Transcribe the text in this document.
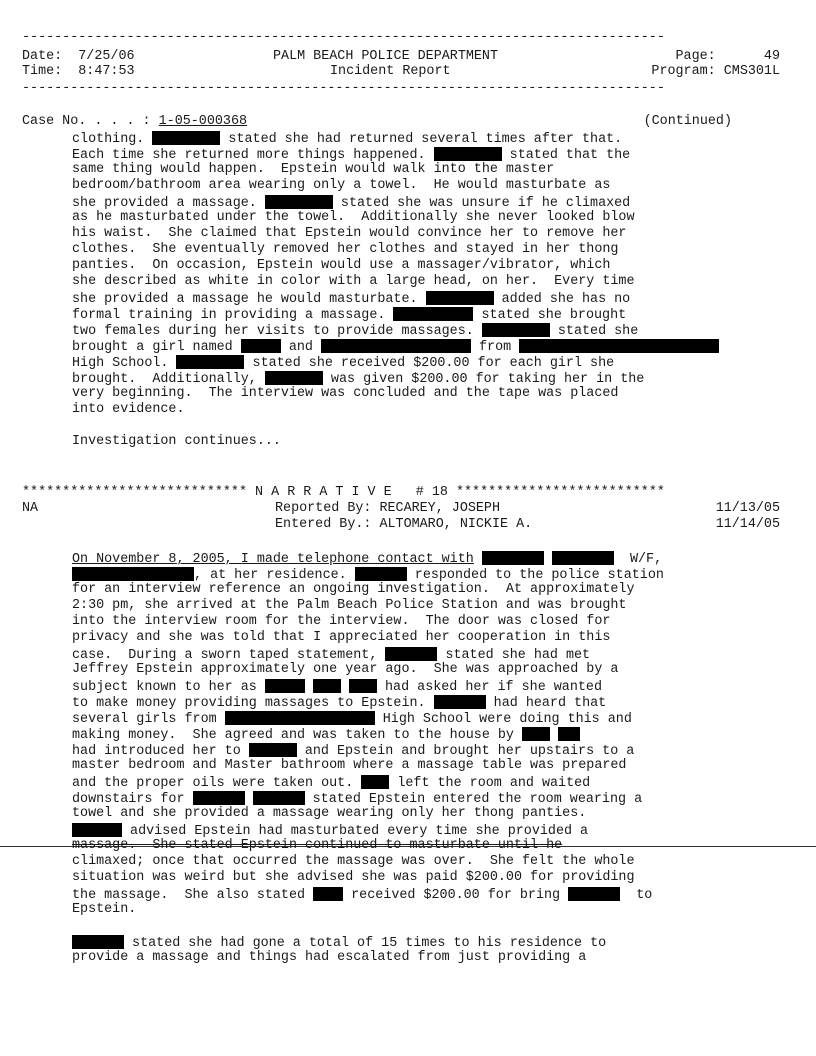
--------------------------------------------------------------------------------
Date: 7/25/06
Time: 8:47:53
PALM BEACH POLICE DEPARTMENT
Incident Report
Page:	49
Program: CMS301L
--------------------------------------------------------------------------------
Case No. . . . : 1-05-000368	(Continued)
clothing.	stated she had returned several times after that.
Each time she returned more things happened.	stated that the
same thing would happen.  Epstein would walk into the master
bedroom/bathroom area wearing only a towel.  He would masturbate as
she provided a massage.	stated she was unsure if he climaxed
as he masturbated under the towel.  Additionally she never looked blow
his waist.  She claimed that Epstein would convince her to remove her
clothes.  She eventually removed her clothes and stayed in her thong
panties.  On occasion, Epstein would use a massager/vibrator, which
she described as white in color with a large head, on her.  Every time
she provided a massage he would masturbate.	added she has no
formal training in providing a massage.	stated she brought
two females during her visits to provide massages.	stated she
brought a girl named	and	from
High School.	stated she received $200.00 for each girl she
brought.  Additionally,	was given $200.00 for taking her in the
very beginning.  The interview was concluded and the tape was placed
into evidence.
Investigation continues...
**************************** N A R R A T I V E # 18 **************************
NA	Reported By: RECAREY, JOSEPH	11/13/05
Entered By.: ALTOMARO, NICKIE A.	11/14/05
On November 8, 2005, I made telephone contact with	W/F,
, at her residence.	responded to the police station
for an interview reference an ongoing investigation.  At approximately
2:30 pm, she arrived at the Palm Beach Police Station and was brought
into the interview room for the interview.  The door was closed for
privacy and she was told that I appreciated her cooperation in this
case.  During a sworn taped statement,	stated she had met
Jeffrey Epstein approximately one year ago.  She was approached by a
subject known to her as	had asked her if she wanted
to make money providing massages to Epstein.	had heard that
several girls from	High School were doing this and
making money.  She agreed and was taken to the house by
had introduced her to	and Epstein and brought her upstairs to a
master bedroom and Master bathroom where a massage table was prepared
and the proper oils were taken out.	left the room and waited
downstairs for	stated Epstein entered the room wearing a
towel and she provided a massage wearing only her thong panties.
advised Epstein had masturbated every time she provided a
massage.  She stated Epstein continued to masturbate until he
climaxed; once that occurred the massage was over.  She felt the whole
situation was weird but she advised she was paid $200.00 for providing
the massage.  She also stated	received $200.00 for bring	to
Epstein.
stated she had gone a total of 15 times to his residence to
provide a massage and things had escalated from just providing a
